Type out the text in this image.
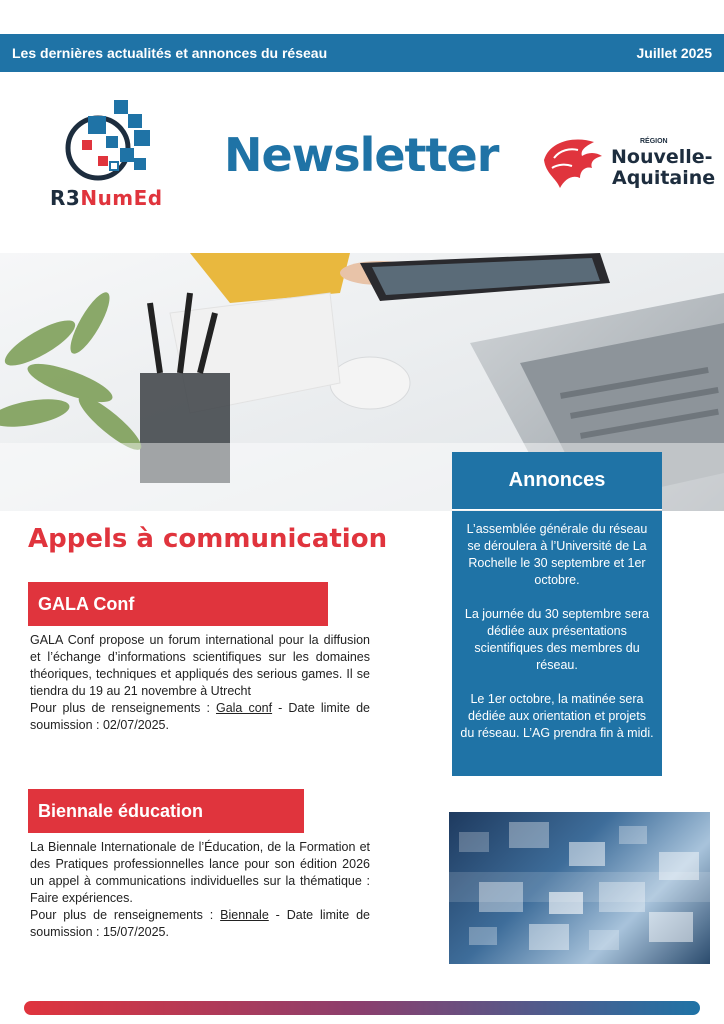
Les dernières actualités et annonces du réseau	Juillet 2025
R3NumEd
Newsletter	RÉGION
Nouvelle-
Aquitaine
Annonces

L’assemblée générale du réseau se déroulera à l’Université de La Rochelle le 30 septembre et 1er octobre.

La journée du 30 septembre sera dédiée aux présentations scientifiques des membres du réseau.

Le 1er octobre, la matinée sera dédiée aux orientation et projets du réseau. L’AG prendra fin à midi.

Appels à communication
GALA Conf
GALA Conf propose un forum international pour la diffusion et l’échange d’informations scientifiques sur les domaines théoriques, techniques et appliqués des serious games. Il se tiendra du 19 au 21 novembre à Utrecht
Pour plus de renseignements : Gala conf - Date limite de soumission : 02/07/2025.
Biennale éducation
La Biennale Internationale de l’Éducation, de la Formation et des Pratiques professionnelles lance pour son édition 2026 un appel à communications individuelles sur la thématique : Faire expériences.
Pour plus de renseignements : Biennale - Date limite de soumission : 15/07/2025.
